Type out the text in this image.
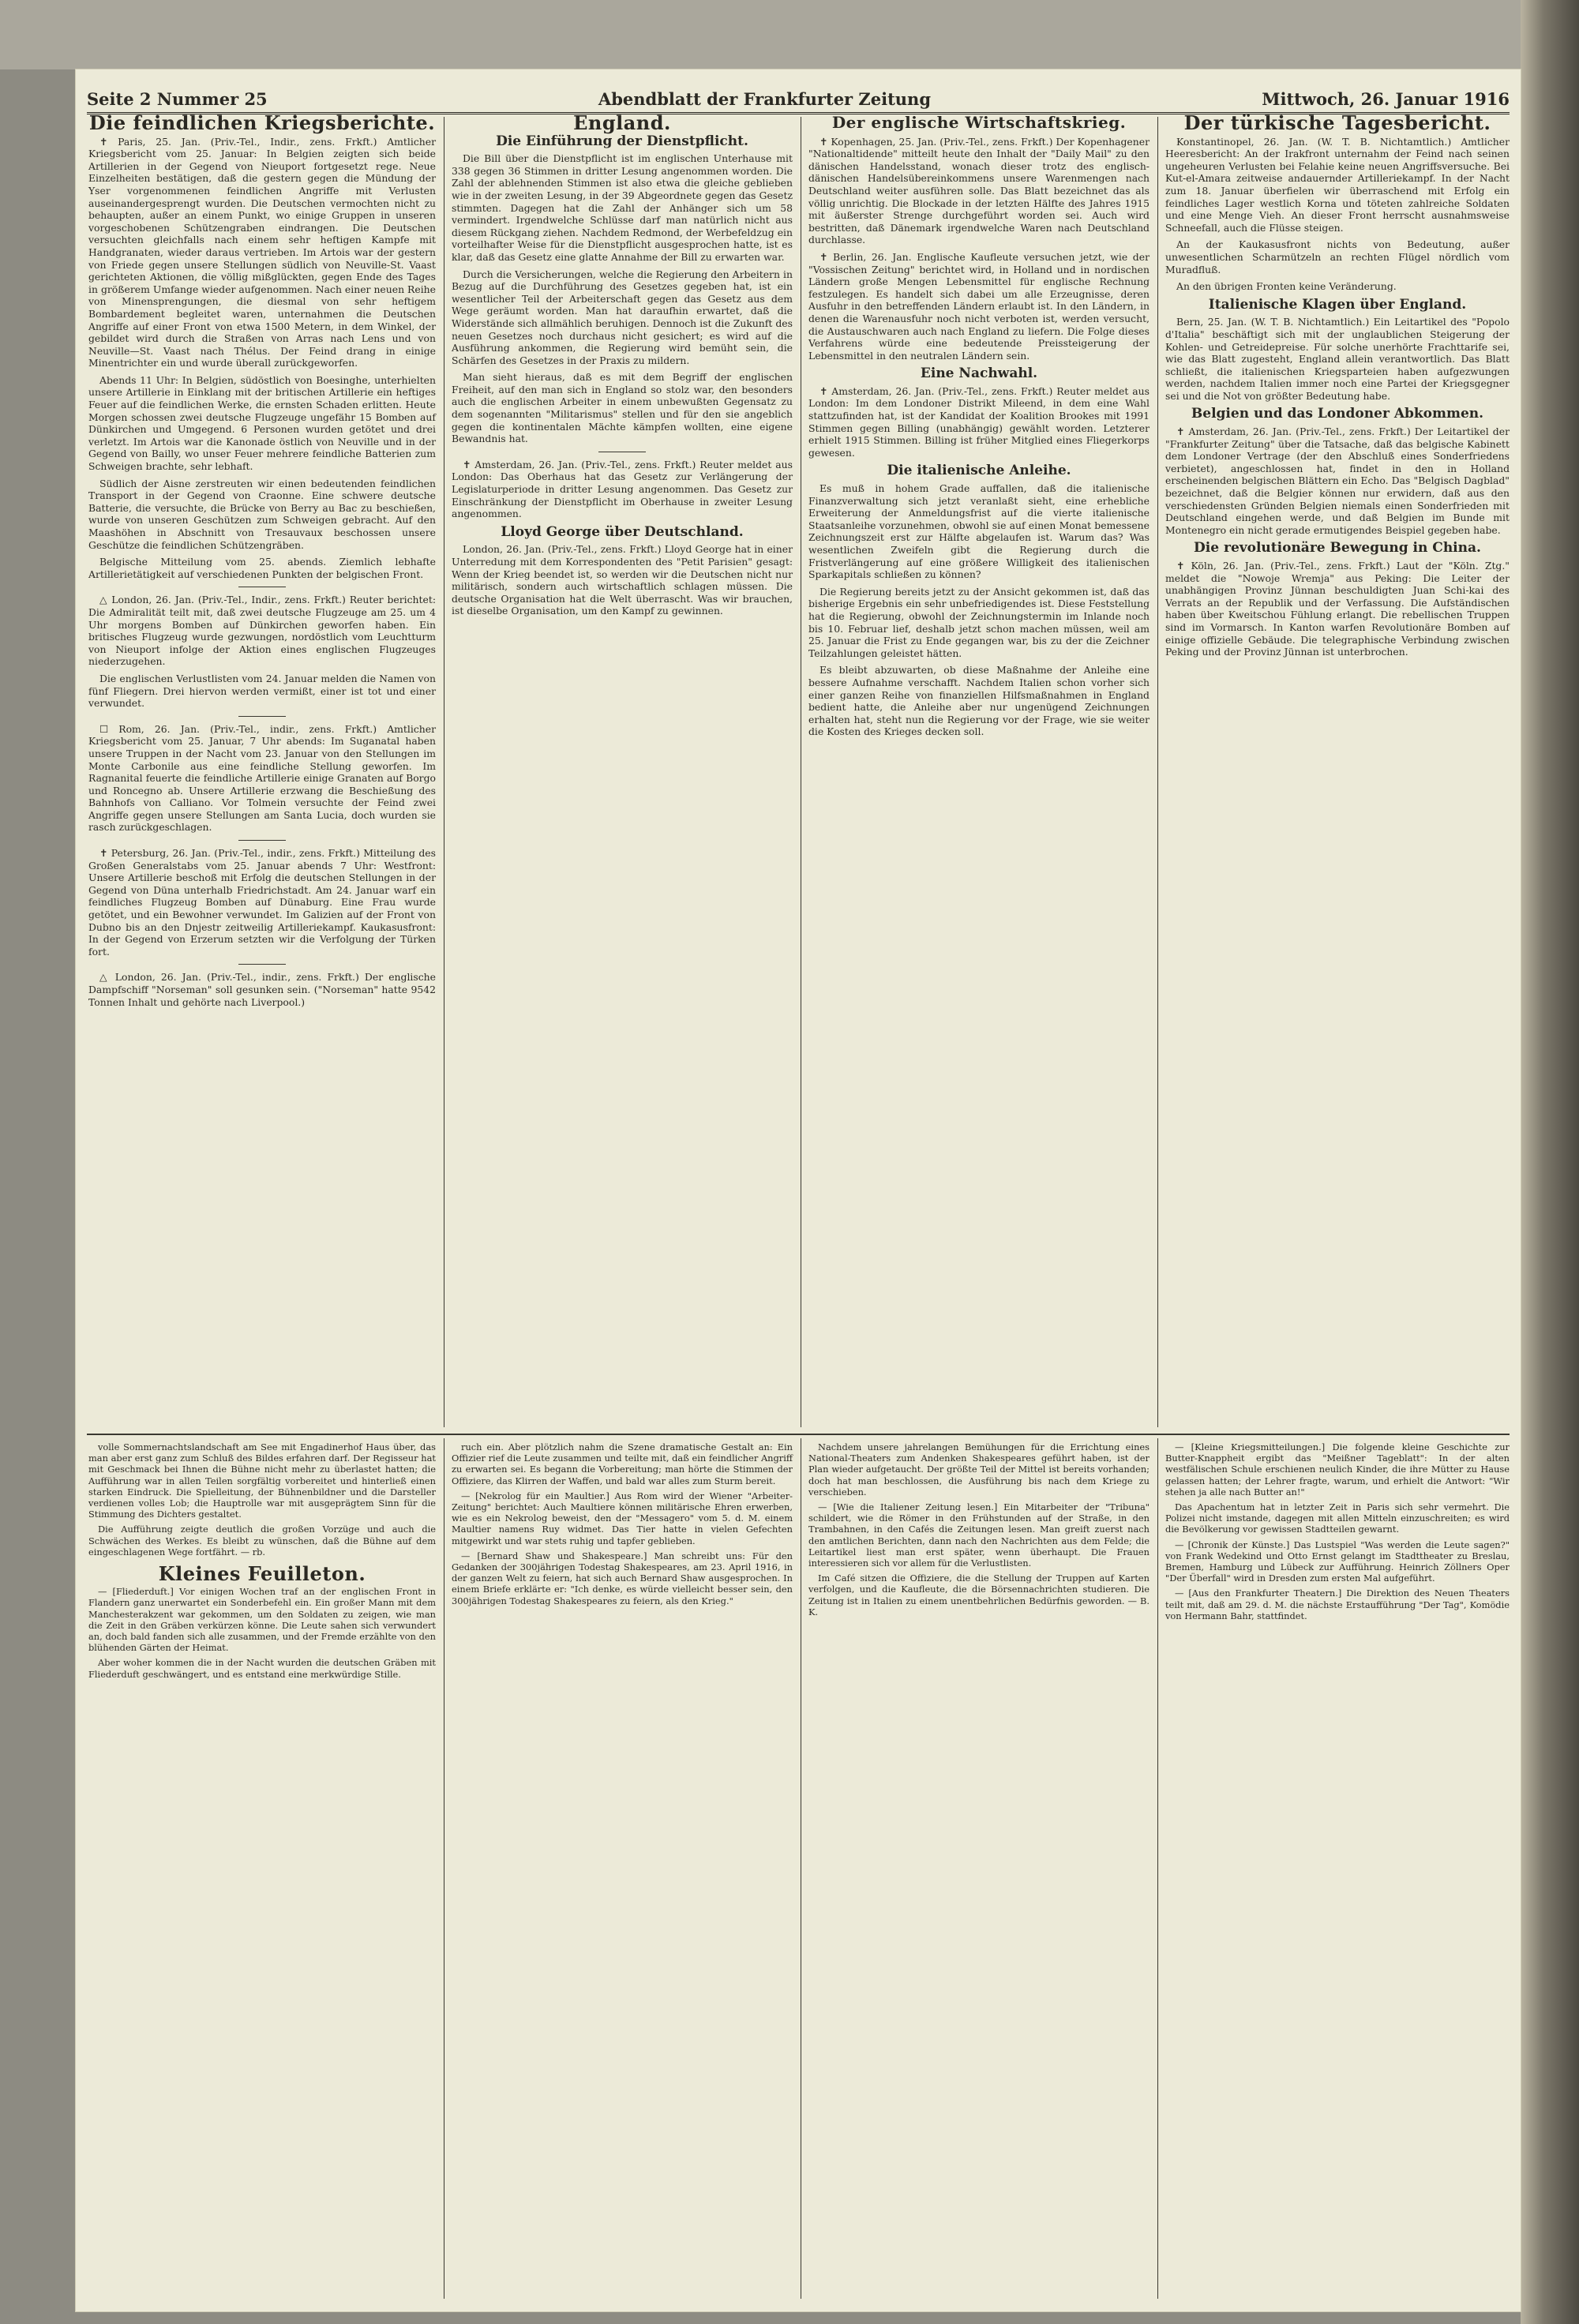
Seite 2 Nummer 25	Abendblatt der Frankfurter Zeitung	Mittwoch, 26. Januar 1916
Die feindlichen Kriegsberichte.

✝ Paris, 25. Jan. (Priv.-Tel., Indir., zens. Frkft.) Amtlicher Kriegsbericht vom 25. Januar: In Belgien zeigten sich beide Artillerien in der Gegend von Nieuport fortgesetzt rege. Neue Einzelheiten bestätigen, daß die gestern gegen die Mündung der Yser vorgenommenen feindlichen Angriffe mit Verlusten auseinandergesprengt wurden. Die Deutschen vermochten nicht zu behaupten, außer an einem Punkt, wo einige Gruppen in unseren vorgeschobenen Schützengraben eindrangen. Die Deutschen versuchten gleichfalls nach einem sehr heftigen Kampfe mit Handgranaten, wieder daraus vertrieben. Im Artois war der gestern von Friede gegen unsere Stellungen südlich von Neuville-St. Vaast gerichteten Aktionen, die völlig mißglückten, gegen Ende des Tages in größerem Umfange wieder aufgenommen. Nach einer neuen Reihe von Minensprengungen, die diesmal von sehr heftigem Bombardement begleitet waren, unternahmen die Deutschen Angriffe auf einer Front von etwa 1500 Metern, in dem Winkel, der gebildet wird durch die Straßen von Arras nach Lens und von Neuville—St. Vaast nach Thélus. Der Feind drang in einige Minentrichter ein und wurde überall zurückgeworfen.

Abends 11 Uhr: In Belgien, südöstlich von Boesinghe, unterhielten unsere Artillerie in Einklang mit der britischen Artillerie ein heftiges Feuer auf die feindlichen Werke, die ernsten Schaden erlitten. Heute Morgen schossen zwei deutsche Flugzeuge ungefähr 15 Bomben auf Dünkirchen und Umgegend. 6 Personen wurden getötet und drei verletzt. Im Artois war die Kanonade östlich von Neuville und in der Gegend von Bailly, wo unser Feuer mehrere feindliche Batterien zum Schweigen brachte, sehr lebhaft.

Südlich der Aisne zerstreuten wir einen bedeutenden feindlichen Transport in der Gegend von Craonne. Eine schwere deutsche Batterie, die versuchte, die Brücke von Berry au Bac zu beschießen, wurde von unseren Geschützen zum Schweigen gebracht. Auf den Maashöhen in Abschnitt von Tresauvaux beschossen unsere Geschütze die feindlichen Schützengräben.

Belgische Mitteilung vom 25. abends. Ziemlich lebhafte Artillerietätigkeit auf verschiedenen Punkten der belgischen Front.

△ London, 26. Jan. (Priv.-Tel., Indir., zens. Frkft.) Reuter berichtet: Die Admiralität teilt mit, daß zwei deutsche Flugzeuge am 25. um 4 Uhr morgens Bomben auf Dünkirchen geworfen haben. Ein britisches Flugzeug wurde gezwungen, nordöstlich vom Leuchtturm von Nieuport infolge der Aktion eines englischen Flugzeuges niederzugehen.

Die englischen Verlustlisten vom 24. Januar melden die Namen von fünf Fliegern. Drei hiervon werden vermißt, einer ist tot und einer verwundet.

☐ Rom, 26. Jan. (Priv.-Tel., indir., zens. Frkft.) Amtlicher Kriegsbericht vom 25. Januar, 7 Uhr abends: Im Suganatal haben unsere Truppen in der Nacht vom 23. Januar von den Stellungen im Monte Carbonile aus eine feindliche Stellung geworfen. Im Ragnanital feuerte die feindliche Artillerie einige Granaten auf Borgo und Roncegno ab. Unsere Artillerie erzwang die Beschießung des Bahnhofs von Calliano. Vor Tolmein versuchte der Feind zwei Angriffe gegen unsere Stellungen am Santa Lucia, doch wurden sie rasch zurückgeschlagen.

✝ Petersburg, 26. Jan. (Priv.-Tel., indir., zens. Frkft.) Mitteilung des Großen Generalstabs vom 25. Januar abends 7 Uhr: Westfront: Unsere Artillerie beschoß mit Erfolg die deutschen Stellungen in der Gegend von Düna unterhalb Friedrichstadt. Am 24. Januar warf ein feindliches Flugzeug Bomben auf Dünaburg. Eine Frau wurde getötet, und ein Bewohner verwundet. Im Galizien auf der Front von Dubno bis an den Dnjestr zeitweilig Artilleriekampf. Kaukasusfront: In der Gegend von Erzerum setzten wir die Verfolgung der Türken fort.

△ London, 26. Jan. (Priv.-Tel., indir., zens. Frkft.) Der englische Dampfschiff "Norseman" soll gesunken sein. ("Norseman" hatte 9542 Tonnen Inhalt und gehörte nach Liverpool.)

England.
Die Einführung der Dienstpflicht.

Die Bill über die Dienstpflicht ist im englischen Unterhause mit 338 gegen 36 Stimmen in dritter Lesung angenommen worden. Die Zahl der ablehnenden Stimmen ist also etwa die gleiche geblieben wie in der zweiten Lesung, in der 39 Abgeordnete gegen das Gesetz stimmten. Dagegen hat die Zahl der Anhänger sich um 58 vermindert. Irgendwelche Schlüsse darf man natürlich nicht aus diesem Rückgang ziehen. Nachdem Redmond, der Werbefeldzug ein vorteilhafter Weise für die Dienstpflicht ausgesprochen hatte, ist es klar, daß das Gesetz eine glatte Annahme der Bill zu erwarten war.

Durch die Versicherungen, welche die Regierung den Arbeitern in Bezug auf die Durchführung des Gesetzes gegeben hat, ist ein wesentlicher Teil der Arbeiterschaft gegen das Gesetz aus dem Wege geräumt worden. Man hat daraufhin erwartet, daß die Widerstände sich allmählich beruhigen. Dennoch ist die Zukunft des neuen Gesetzes noch durchaus nicht gesichert; es wird auf die Ausführung ankommen, die Regierung wird bemüht sein, die Schärfen des Gesetzes in der Praxis zu mildern.

Man sieht hieraus, daß es mit dem Begriff der englischen Freiheit, auf den man sich in England so stolz war, den besonders auch die englischen Arbeiter in einem unbewußten Gegensatz zu dem sogenannten "Militarismus" stellen und für den sie angeblich gegen die kontinentalen Mächte kämpfen wollten, eine eigene Bewandnis hat.

✝ Amsterdam, 26. Jan. (Priv.-Tel., zens. Frkft.) Reuter meldet aus London: Das Oberhaus hat das Gesetz zur Verlängerung der Legislaturperiode in dritter Lesung angenommen. Das Gesetz zur Einschränkung der Dienstpflicht im Oberhause in zweiter Lesung angenommen.

Lloyd George über Deutschland.

London, 26. Jan. (Priv.-Tel., zens. Frkft.) Lloyd George hat in einer Unterredung mit dem Korrespondenten des "Petit Parisien" gesagt: Wenn der Krieg beendet ist, so werden wir die Deutschen nicht nur militärisch, sondern auch wirtschaftlich schlagen müssen. Die deutsche Organisation hat die Welt überrascht. Was wir brauchen, ist dieselbe Organisation, um den Kampf zu gewinnen.

Der englische Wirtschaftskrieg.

✝ Kopenhagen, 25. Jan. (Priv.-Tel., zens. Frkft.) Der Kopenhagener "Nationaltidende" mitteilt heute den Inhalt der "Daily Mail" zu den dänischen Handelsstand, wonach dieser trotz des englisch-dänischen Handelsübereinkommens unsere Warenmengen nach Deutschland weiter ausführen solle. Das Blatt bezeichnet das als völlig unrichtig. Die Blockade in der letzten Hälfte des Jahres 1915 mit äußerster Strenge durchgeführt worden sei. Auch wird bestritten, daß Dänemark irgendwelche Waren nach Deutschland durchlasse.

✝ Berlin, 26. Jan. Englische Kaufleute versuchen jetzt, wie der "Vossischen Zeitung" berichtet wird, in Holland und in nordischen Ländern große Mengen Lebensmittel für englische Rechnung festzulegen. Es handelt sich dabei um alle Erzeugnisse, deren Ausfuhr in den betreffenden Ländern erlaubt ist. In den Ländern, in denen die Warenausfuhr noch nicht verboten ist, werden versucht, die Austauschwaren auch nach England zu liefern. Die Folge dieses Verfahrens würde eine bedeutende Preissteigerung der Lebensmittel in den neutralen Ländern sein.

Eine Nachwahl.

✝ Amsterdam, 26. Jan. (Priv.-Tel., zens. Frkft.) Reuter meldet aus London: Im dem Londoner Distrikt Mileend, in dem eine Wahl stattzufinden hat, ist der Kandidat der Koalition Brookes mit 1991 Stimmen gegen Billing (unabhängig) gewählt worden. Letzterer erhielt 1915 Stimmen. Billing ist früher Mitglied eines Fliegerkorps gewesen.

Die italienische Anleihe.

Es muß in hohem Grade auffallen, daß die italienische Finanzverwaltung sich jetzt veranlaßt sieht, eine erhebliche Erweiterung der Anmeldungsfrist auf die vierte italienische Staatsanleihe vorzunehmen, obwohl sie auf einen Monat bemessene Zeichnungszeit erst zur Hälfte abgelaufen ist. Warum das? Was wesentlichen Zweifeln gibt die Regierung durch die Fristverlängerung auf eine größere Willigkeit des italienischen Sparkapitals schließen zu können?

Die Regierung bereits jetzt zu der Ansicht gekommen ist, daß das bisherige Ergebnis ein sehr unbefriedigendes ist. Diese Feststellung hat die Regierung, obwohl der Zeichnungstermin im Inlande noch bis 10. Februar lief, deshalb jetzt schon machen müssen, weil am 25. Januar die Frist zu Ende gegangen war, bis zu der die Zeichner Teilzahlungen geleistet hätten.

Es bleibt abzuwarten, ob diese Maßnahme der Anleihe eine bessere Aufnahme verschafft. Nachdem Italien schon vorher sich einer ganzen Reihe von finanziellen Hilfsmaßnahmen in England bedient hatte, die Anleihe aber nur ungenügend Zeichnungen erhalten hat, steht nun die Regierung vor der Frage, wie sie weiter die Kosten des Krieges decken soll.

Der türkische Tagesbericht.

Konstantinopel, 26. Jan. (W. T. B. Nichtamtlich.) Amtlicher Heeresbericht: An der Irakfront unternahm der Feind nach seinen ungeheuren Verlusten bei Felahie keine neuen Angriffsversuche. Bei Kut-el-Amara zeitweise andauernder Artilleriekampf. In der Nacht zum 18. Januar überfielen wir überraschend mit Erfolg ein feindliches Lager westlich Korna und töteten zahlreiche Soldaten und eine Menge Vieh. An dieser Front herrscht ausnahmsweise Schneefall, auch die Flüsse steigen.

An der Kaukasusfront nichts von Bedeutung, außer unwesentlichen Scharmützeln an rechten Flügel nördlich vom Muradfluß.

An den übrigen Fronten keine Veränderung.

Italienische Klagen über England.

Bern, 25. Jan. (W. T. B. Nichtamtlich.) Ein Leitartikel des "Popolo d'Italia" beschäftigt sich mit der unglaublichen Steigerung der Kohlen- und Getreidepreise. Für solche unerhörte Frachttarife sei, wie das Blatt zugesteht, England allein verantwortlich. Das Blatt schließt, die italienischen Kriegsparteien haben aufgezwungen werden, nachdem Italien immer noch eine Partei der Kriegsgegner sei und die Not von größter Bedeutung habe.

Belgien und das Londoner Abkommen.

✝ Amsterdam, 26. Jan. (Priv.-Tel., zens. Frkft.) Der Leitartikel der "Frankfurter Zeitung" über die Tatsache, daß das belgische Kabinett dem Londoner Vertrage (der den Abschluß eines Sonderfriedens verbietet), angeschlossen hat, findet in den in Holland erscheinenden belgischen Blättern ein Echo. Das "Belgisch Dagblad" bezeichnet, daß die Belgier können nur erwidern, daß aus den verschiedensten Gründen Belgien niemals einen Sonderfrieden mit Deutschland eingehen werde, und daß Belgien im Bunde mit Montenegro ein nicht gerade ermutigendes Beispiel gegeben habe.

Die revolutionäre Bewegung in China.

✝ Köln, 26. Jan. (Priv.-Tel., zens. Frkft.) Laut der "Köln. Ztg." meldet die "Nowoje Wremja" aus Peking: Die Leiter der unabhängigen Provinz Jünnan beschuldigten Juan Schi-kai des Verrats an der Republik und der Verfassung. Die Aufständischen haben über Kweitschou Fühlung erlangt. Die rebellischen Truppen sind im Vormarsch. In Kanton warfen Revolutionäre Bomben auf einige offizielle Gebäude. Die telegraphische Verbindung zwischen Peking und der Provinz Jünnan ist unterbrochen.

volle Sommernachtslandschaft am See mit Engadinerhof Haus über, das man aber erst ganz zum Schluß des Bildes erfahren darf. Der Regisseur hat mit Geschmack bei Ihnen die Bühne nicht mehr zu überlastet hatten; die Aufführung war in allen Teilen sorgfältig vorbereitet und hinterließ einen starken Eindruck. Die Spielleitung, der Bühnenbildner und die Darsteller verdienen volles Lob; die Hauptrolle war mit ausgeprägtem Sinn für die Stimmung des Dichters gestaltet.

Die Aufführung zeigte deutlich die großen Vorzüge und auch die Schwächen des Werkes. Es bleibt zu wünschen, daß die Bühne auf dem eingeschlagenen Wege fortfährt. — rb.

Kleines Feuilleton.

— [Fliederduft.] Vor einigen Wochen traf an der englischen Front in Flandern ganz unerwartet ein Sonderbefehl ein. Ein großer Mann mit dem Manchesterakzent war gekommen, um den Soldaten zu zeigen, wie man die Zeit in den Gräben verkürzen könne. Die Leute sahen sich verwundert an, doch bald fanden sich alle zusammen, und der Fremde erzählte von den blühenden Gärten der Heimat.

Aber woher kommen die in der Nacht wurden die deutschen Gräben mit Fliederduft geschwängert, und es entstand eine merkwürdige Stille.

ruch ein. Aber plötzlich nahm die Szene dramatische Gestalt an: Ein Offizier rief die Leute zusammen und teilte mit, daß ein feindlicher Angriff zu erwarten sei. Es begann die Vorbereitung; man hörte die Stimmen der Offiziere, das Klirren der Waffen, und bald war alles zum Sturm bereit.

— [Nekrolog für ein Maultier.] Aus Rom wird der Wiener "Arbeiter-Zeitung" berichtet: Auch Maultiere können militärische Ehren erwerben, wie es ein Nekrolog beweist, den der "Messagero" vom 5. d. M. einem Maultier namens Ruy widmet. Das Tier hatte in vielen Gefechten mitgewirkt und war stets ruhig und tapfer geblieben.

— [Bernard Shaw und Shakespeare.] Man schreibt uns: Für den Gedanken der 300jährigen Todestag Shakespeares, am 23. April 1916, in der ganzen Welt zu feiern, hat sich auch Bernard Shaw ausgesprochen. In einem Briefe erklärte er: "Ich denke, es würde vielleicht besser sein, den 300jährigen Todestag Shakespeares zu feiern, als den Krieg."

Nachdem unsere jahrelangen Bemühungen für die Errichtung eines National-Theaters zum Andenken Shakespeares geführt haben, ist der Plan wieder aufgetaucht. Der größte Teil der Mittel ist bereits vorhanden; doch hat man beschlossen, die Ausführung bis nach dem Kriege zu verschieben.

— [Wie die Italiener Zeitung lesen.] Ein Mitarbeiter der "Tribuna" schildert, wie die Römer in den Frühstunden auf der Straße, in den Trambahnen, in den Cafés die Zeitungen lesen. Man greift zuerst nach den amtlichen Berichten, dann nach den Nachrichten aus dem Felde; die Leitartikel liest man erst später, wenn überhaupt. Die Frauen interessieren sich vor allem für die Verlustlisten.

Im Café sitzen die Offiziere, die die Stellung der Truppen auf Karten verfolgen, und die Kaufleute, die die Börsennachrichten studieren. Die Zeitung ist in Italien zu einem unentbehrlichen Bedürfnis geworden. — B. K.

— [Kleine Kriegsmitteilungen.] Die folgende kleine Geschichte zur Butter-Knappheit ergibt das "Meißner Tageblatt": In der alten westfälischen Schule erschienen neulich Kinder, die ihre Mütter zu Hause gelassen hatten; der Lehrer fragte, warum, und erhielt die Antwort: "Wir stehen ja alle nach Butter an!"

Das Apachentum hat in letzter Zeit in Paris sich sehr vermehrt. Die Polizei nicht imstande, dagegen mit allen Mitteln einzuschreiten; es wird die Bevölkerung vor gewissen Stadtteilen gewarnt.

— [Chronik der Künste.] Das Lustspiel "Was werden die Leute sagen?" von Frank Wedekind und Otto Ernst gelangt im Stadttheater zu Breslau, Bremen, Hamburg und Lübeck zur Aufführung. Heinrich Zöllners Oper "Der Überfall" wird in Dresden zum ersten Mal aufgeführt.

— [Aus den Frankfurter Theatern.] Die Direktion des Neuen Theaters teilt mit, daß am 29. d. M. die nächste Erstaufführung "Der Tag", Komödie von Hermann Bahr, stattfindet.
